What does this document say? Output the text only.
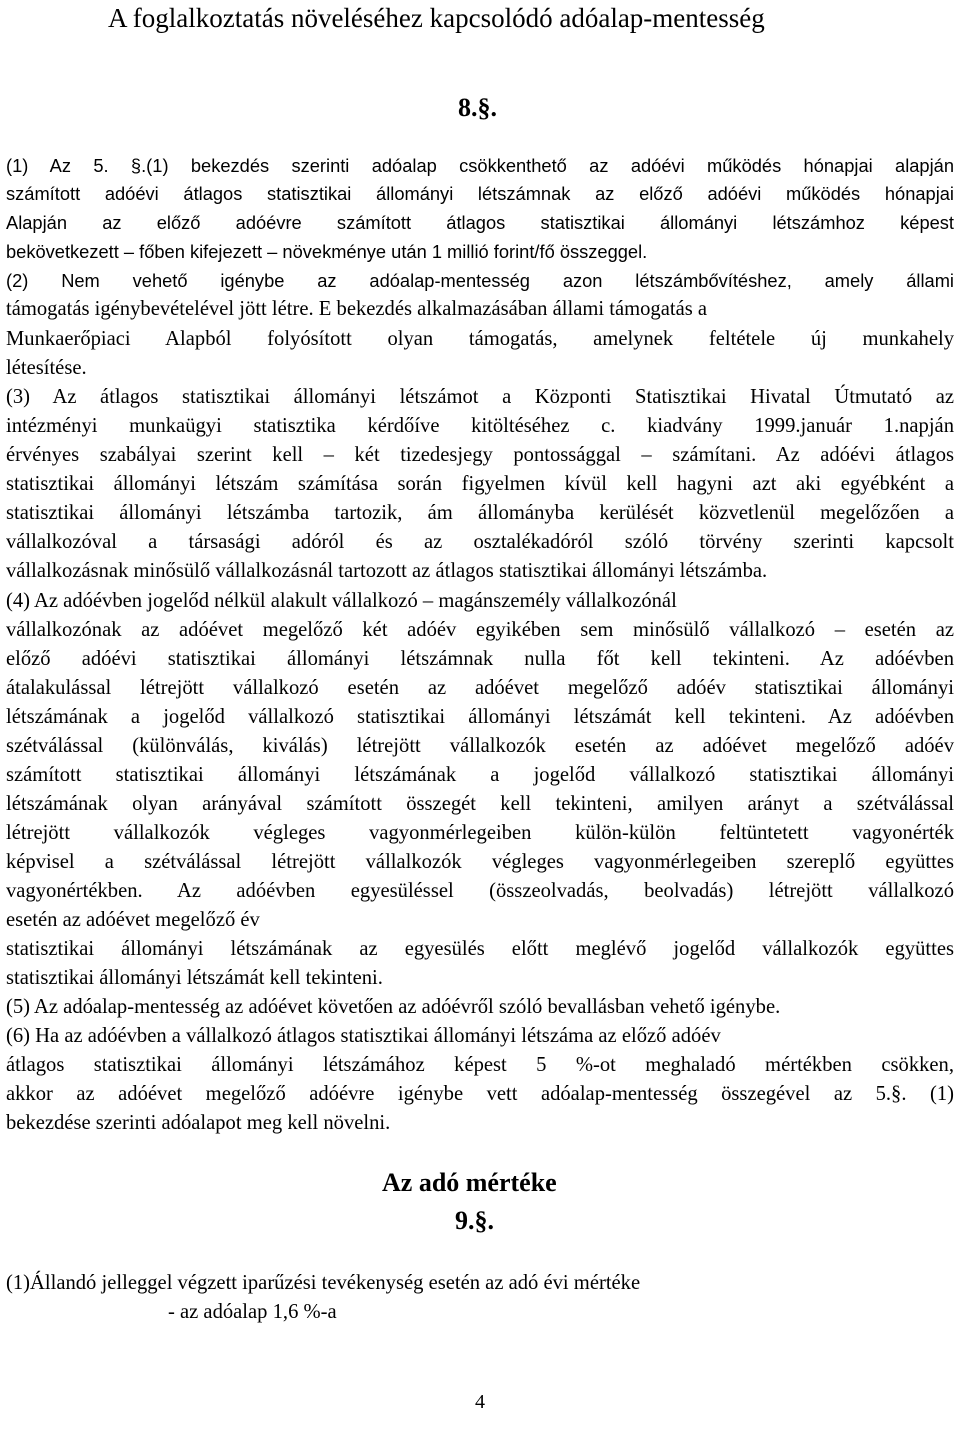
A foglalkoztatás növeléséhez kapcsolódó adóalap-mentesség
8.§.
(1) Az 5. §.(1) bekezdés szerinti adóalap csökkenthető az adóévi működés hónapjai alapján
számított adóévi átlagos statisztikai állományi létszámnak az előző adóévi működés hónapjai
Alapján az előző adóévre számított átlagos statisztikai állományi létszámhoz képest
bekövetkezett – főben kifejezett – növekménye után 1 millió forint/fő összeggel.
(2) Nem vehető igénybe az adóalap-mentesség azon létszámbővítéshez, amely állami
támogatás igénybevételével jött létre. E bekezdés alkalmazásában állami támogatás a
Munkaerőpiaci Alapból folyósított olyan támogatás, amelynek feltétele új munkahely
létesítése.
(3) Az átlagos statisztikai állományi létszámot a Központi Statisztikai Hivatal Útmutató az
intézményi munkaügyi statisztika kérdőíve kitöltéséhez c. kiadvány 1999.január 1.napján
érvényes szabályai szerint kell – két tizedesjegy pontossággal – számítani. Az adóévi átlagos
statisztikai állományi létszám számítása során figyelmen kívül kell hagyni azt aki egyébként a
statisztikai állományi létszámba tartozik, ám állományba kerülését közvetlenül megelőzően a
vállalkozóval a társasági adóról és az osztalékadóról szóló törvény szerinti kapcsolt
vállalkozásnak minősülő vállalkozásnál tartozott az átlagos statisztikai állományi létszámba.
(4) Az adóévben jogelőd nélkül alakult vállalkozó – magánszemély vállalkozónál
vállalkozónak az adóévet megelőző két adóév egyikében sem minősülő vállalkozó – esetén az
előző adóévi statisztikai állományi létszámnak nulla főt kell tekinteni. Az adóévben
átalakulással létrejött vállalkozó esetén az adóévet megelőző adóév statisztikai állományi
létszámának a jogelőd vállalkozó statisztikai állományi létszámát kell tekinteni. Az adóévben
szétválással (különválás, kiválás) létrejött vállalkozók esetén az adóévet megelőző adóév
számított statisztikai állományi létszámának a jogelőd vállalkozó statisztikai állományi
létszámának olyan arányával számított összegét kell tekinteni, amilyen arányt a szétválással
létrejött vállalkozók végleges vagyonmérlegeiben külön-külön feltüntetett vagyonérték
képvisel a szétválással létrejött vállalkozók végleges vagyonmérlegeiben szereplő együttes
vagyonértékben. Az adóévben egyesüléssel (összeolvadás, beolvadás) létrejött vállalkozó
esetén az adóévet megelőző év
statisztikai állományi létszámának az egyesülés előtt meglévő jogelőd vállalkozók együttes
statisztikai állományi létszámát kell tekinteni.
(5) Az adóalap-mentesség az adóévet követően az adóévről szóló bevallásban vehető igénybe.
(6) Ha az adóévben a vállalkozó átlagos statisztikai állományi létszáma az előző adóév
átlagos statisztikai állományi létszámához képest 5 %-ot meghaladó mértékben csökken,
akkor az adóévet megelőző adóévre igénybe vett adóalap-mentesség összegével az 5.§. (1)
bekezdése szerinti adóalapot meg kell növelni.
Az adó mértéke
9.§.
(1)Állandó jelleggel végzett iparűzési tevékenység esetén az adó évi mértéke
- az adóalap 1,6 %-a
4
